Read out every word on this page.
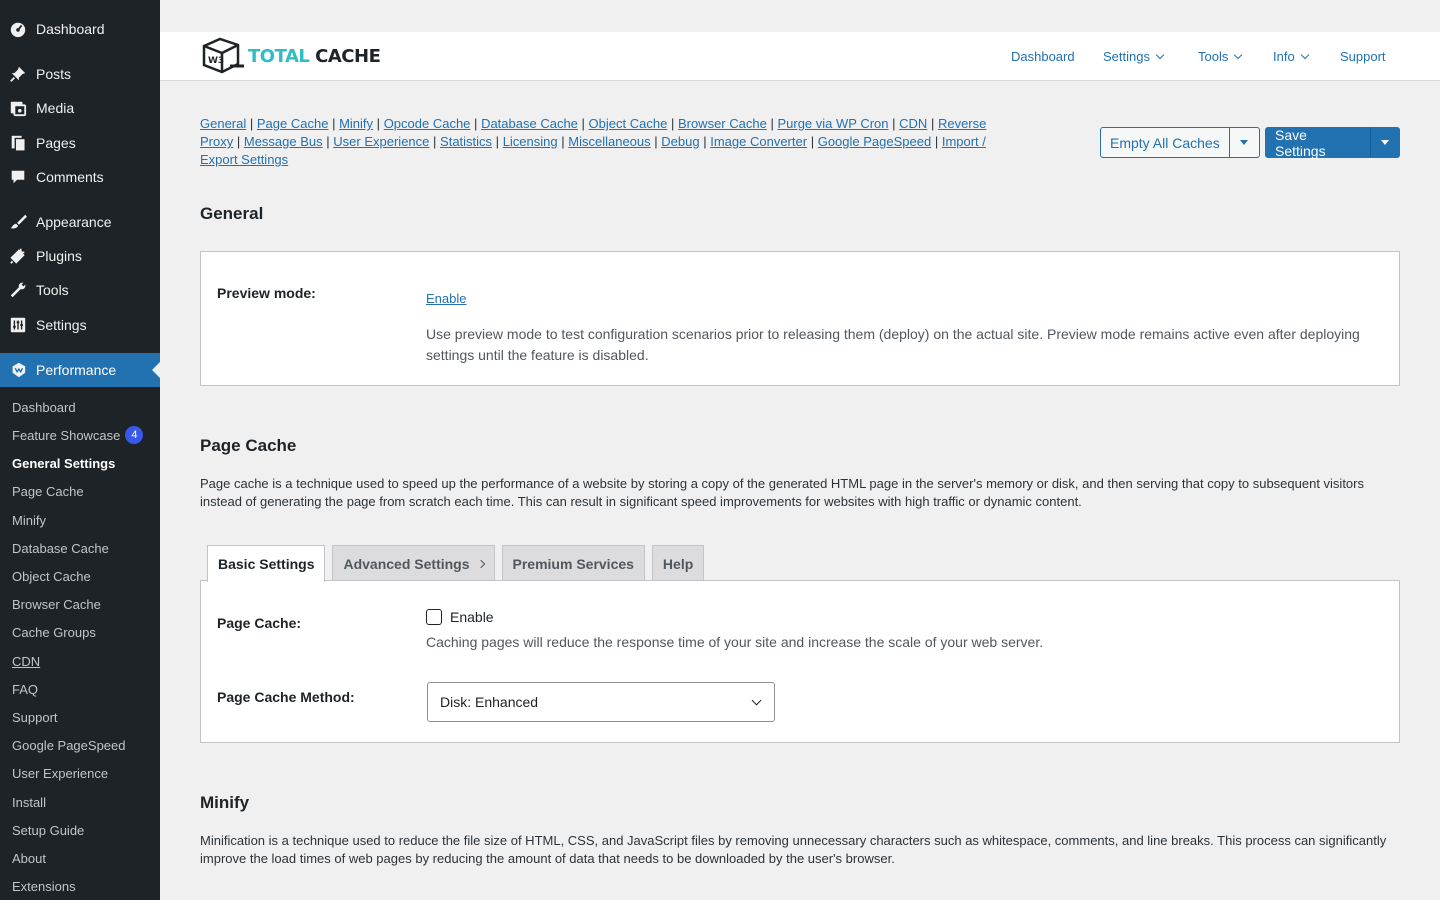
Dashboard
Posts
Media
Pages
Comments
Appearance
Plugins
Tools
Settings
Performance
Dashboard
Feature Showcase 4
General Settings
Page Cache
Minify
Database Cache
Object Cache
Browser Cache
Cache Groups
CDN
FAQ
Support
Google PageSpeed
User Experience
Install
Setup Guide
About
Extensions
W3 TOTAL CACHE	Dashboard Settings	Tools	Info	Support
General | Page Cache | Minify | Opcode Cache | Database Cache | Object Cache | Browser Cache | Purge via WP Cron | CDN | Reverse
Proxy | Message Bus | User Experience | Statistics | Licensing | Miscellaneous | Debug | Image Converter | Google PageSpeed | Import /
Export Settings
Empty All Caches	Save Settings
General
Preview mode:	Enable
Use preview mode to test configuration scenarios prior to releasing them (deploy) on the actual site. Preview mode remains active even after deploying settings until the feature is disabled.
Page Cache
Page cache is a technique used to speed up the performance of a website by storing a copy of the generated HTML page in the server's memory or disk, and then serving that copy to subsequent visitors instead of generating the page from scratch each time. This can result in significant speed improvements for websites with high traffic or dynamic content.
Basic Settings Advanced Settings	Premium Services Help
Page Cache:	Enable
Caching pages will reduce the response time of your site and increase the scale of your web server.
Page Cache Method:	Disk: Enhanced
Minify
Minification is a technique used to reduce the file size of HTML, CSS, and JavaScript files by removing unnecessary characters such as whitespace, comments, and line breaks. This process can significantly improve the load times of web pages by reducing the amount of data that needs to be downloaded by the user's browser.
